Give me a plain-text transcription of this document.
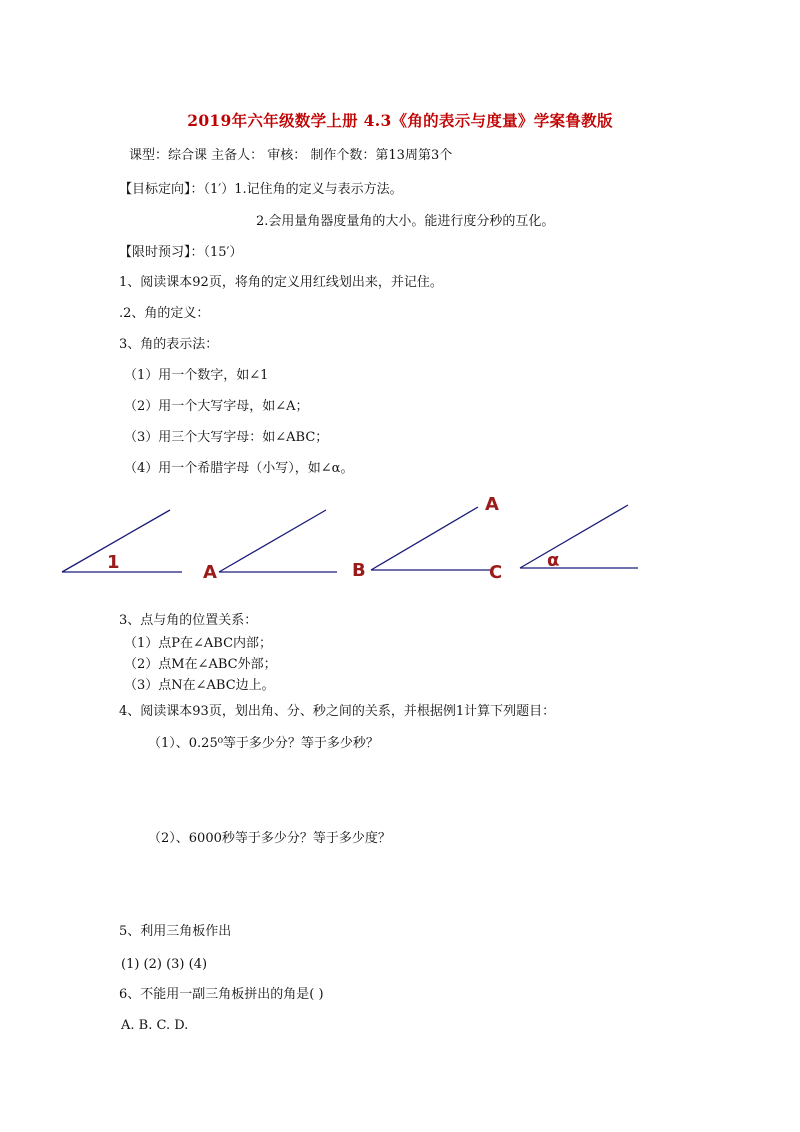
2019年六年级数学上册 4.3《角的表示与度量》学案鲁教版
课型：综合课 主备人： 审核： 制作个数：第13周第3个
【目标定向】：（1′）1.记住角的定义与表示方法。
2.会用量角器度量角的大小。能进行度分秒的互化。
【限时预习】：（15′）
1、阅读课本92页，将角的定义用红线划出来，并记住。
.2、角的定义：
3、角的表示法：
（1）用一个数字，如∠1
（2）用一个大写字母，如∠A；
（3）用三个大写字母：如∠ABC；
（4）用一个希腊字母（小写），如∠α。
1	A	B
A
C
α
3、点与角的位置关系：
（1）点P在∠ABC内部；
（2）点M在∠ABC外部；
（3）点N在∠ABC边上。
4、阅读课本93页，划出角、分、秒之间的关系，并根据例1计算下列题目：
（1）、0.25⁰等于多少分？等于多少秒？
（2）、6000秒等于多少分？等于多少度？
5、利用三角板作出
(1) (2) (3) (4)
6、不能用一副三角板拼出的角是( )
A. B. C. D.
